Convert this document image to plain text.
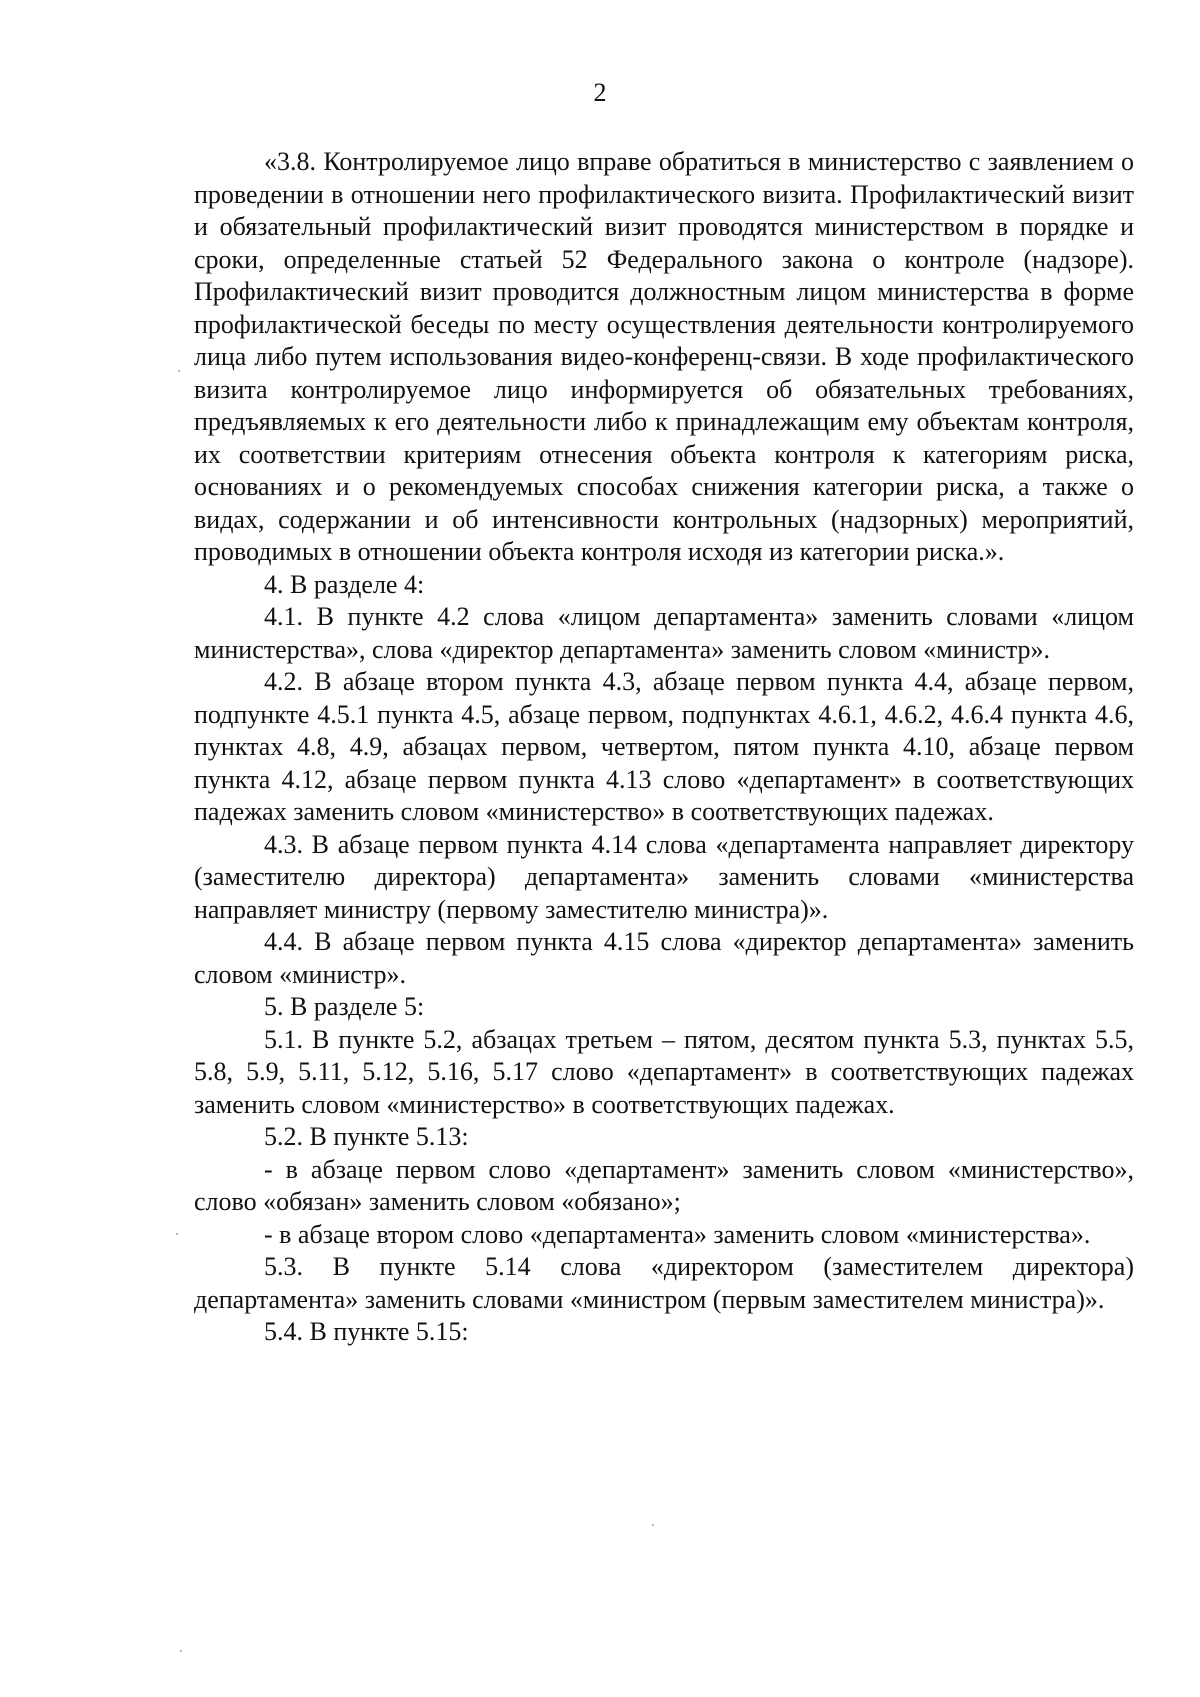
2

«3.8. Контролируемое лицо вправе обратиться в министерство с заявлением о проведении в отношении него профилактического визита. Профилактический визит и обязательный профилактический визит проводятся министерством в порядке и сроки, определенные статьей 52 Федерального закона о контроле (надзоре). Профилактический визит проводится должностным лицом министерства в форме профилактической беседы по месту осуществления деятельности контролируемого лица либо путем использования видео-конференц-связи. В ходе профилактического визита контролируемое лицо информируется об обязательных требованиях, предъявляемых к его деятельности либо к принадлежащим ему объектам контроля, их соответствии критериям отнесения объекта контроля к категориям риска, основаниях и о рекомендуемых способах снижения категории риска, а также о видах, содержании и об интенсивности контрольных (надзорных) мероприятий, проводимых в отношении объекта контроля исходя из категории риска.».

4. В разделе 4:

4.1. В пункте 4.2 слова «лицом департамента» заменить словами «лицом министерства», слова «директор департамента» заменить словом «министр».

4.2. В абзаце втором пункта 4.3, абзаце первом пункта 4.4, абзаце первом, подпункте 4.5.1 пункта 4.5, абзаце первом, подпунктах 4.6.1, 4.6.2, 4.6.4 пункта 4.6, пунктах 4.8, 4.9, абзацах первом, четвертом, пятом пункта 4.10, абзаце первом пункта 4.12, абзаце первом пункта 4.13 слово «департамент» в соответствующих падежах заменить словом «министерство» в соответствующих падежах.

4.3. В абзаце первом пункта 4.14 слова «департамента направляет директору (заместителю директора) департамента» заменить словами «министерства направляет министру (первому заместителю министра)».

4.4. В абзаце первом пункта 4.15 слова «директор департамента» заменить словом «министр».

5. В разделе 5:

5.1. В пункте 5.2, абзацах третьем – пятом, десятом пункта 5.3, пунктах 5.5, 5.8, 5.9, 5.11, 5.12, 5.16, 5.17 слово «департамент» в соответствующих падежах заменить словом «министерство» в соответствующих падежах.

5.2. В пункте 5.13:

- в абзаце первом слово «департамент» заменить словом «министерство», слово «обязан» заменить словом «обязано»;

- в абзаце втором слово «департамента» заменить словом «министерства».

5.3. В пункте 5.14 слова «директором (заместителем директора) департамента» заменить словами «министром (первым заместителем министра)».

5.4. В пункте 5.15:
